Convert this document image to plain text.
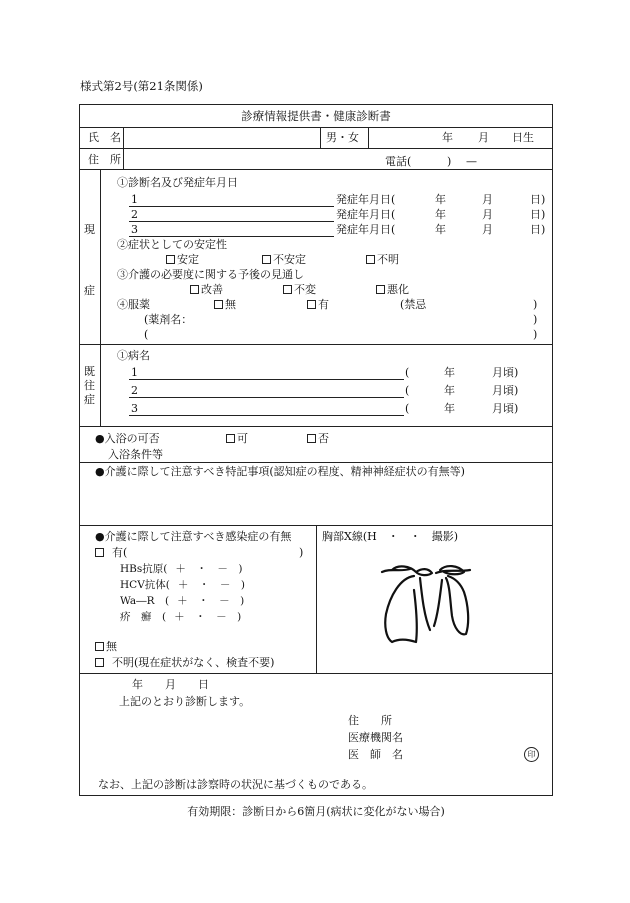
様式第2号(第21条関係)
診療情報提供書・健康診断書
氏　名	男・女	年 月 日生
住　所	電話(	) —
現
症
①診断名及び発症年月日
1	発症年月日(	年	月	日)
2	発症年月日(	年	月	日)
3	発症年月日(	年	月	日)
②症状としての安定性
安定	不安定	不明
③介護の必要度に関する予後の見通し
改善	不変	悪化
④服薬	無	有	(禁忌	)
(薬剤名：	)
(	)
既
往
症
①病名
1	(	年	月頃)
2	(	年	月頃)
3	(	年	月頃)
●入浴の可否	可	否
入浴条件等
●介護に際して注意すべき特記事項(認知症の程度、精神神経症状の有無等)
●介護に際して注意すべき感染症の有無
有(	)
HBs抗原( ＋　・　－　)
HCV抗体( ＋　・　－　)
Wa―R　( ＋　・　－　)
疥　癬　( ＋　・　－　)
無
不明(現在症状がなく、検査不要)
胸部X線(H　・　・　撮影)
年　　月　　日
上記のとおり診断します。
住　　所
医療機関名
医　師　名	印
なお、上記の診断は診察時の状況に基づくものである。
有効期限：診断日から6箇月(病状に変化がない場合)
